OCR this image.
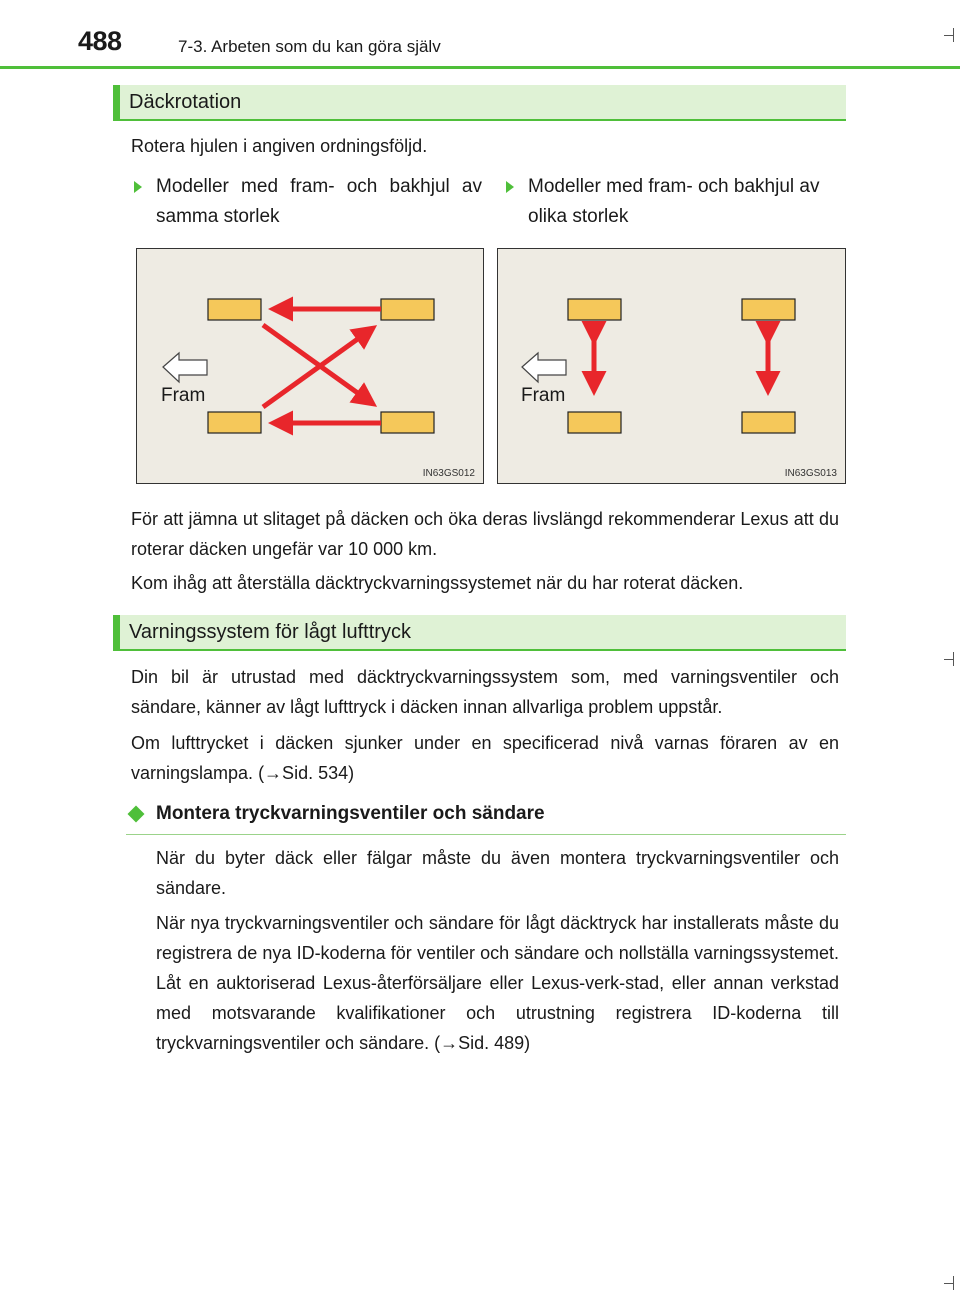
488	7-3. Arbeten som du kan göra själv
Däckrotation
Rotera hjulen i angiven ordningsföljd.
Modeller med fram- och bakhjul av samma storlek
Modeller med fram- och bakhjul av olika storlek
Fram
IN63GS012
Fram
IN63GS013
För att jämna ut slitaget på däcken och öka deras livslängd rekommenderar Lexus att du roterar däcken ungefär var 10 000 km.
Kom ihåg att återställa däcktryckvarningssystemet när du har roterat däcken.
Varningssystem för lågt lufttryck
Din bil är utrustad med däcktryckvarningssystem som, med varningsventiler och sändare, känner av lågt lufttryck i däcken innan allvarliga problem uppstår.
Om lufttrycket i däcken sjunker under en specificerad nivå varnas föraren av en varningslampa. (→Sid. 534)
Montera tryckvarningsventiler och sändare
När du byter däck eller fälgar måste du även montera tryckvarningsventiler och sändare.
När nya tryckvarningsventiler och sändare för lågt däcktryck har installerats måste du registrera de nya ID-koderna för ventiler och sändare och nollställa varningssystemet. Låt en auktoriserad Lexus-återförsäljare eller Lexus-verk-stad, eller annan verkstad med motsvarande kvalifikationer och utrustning registrera ID-koderna till tryckvarningsventiler och sändare. (→Sid. 489)
